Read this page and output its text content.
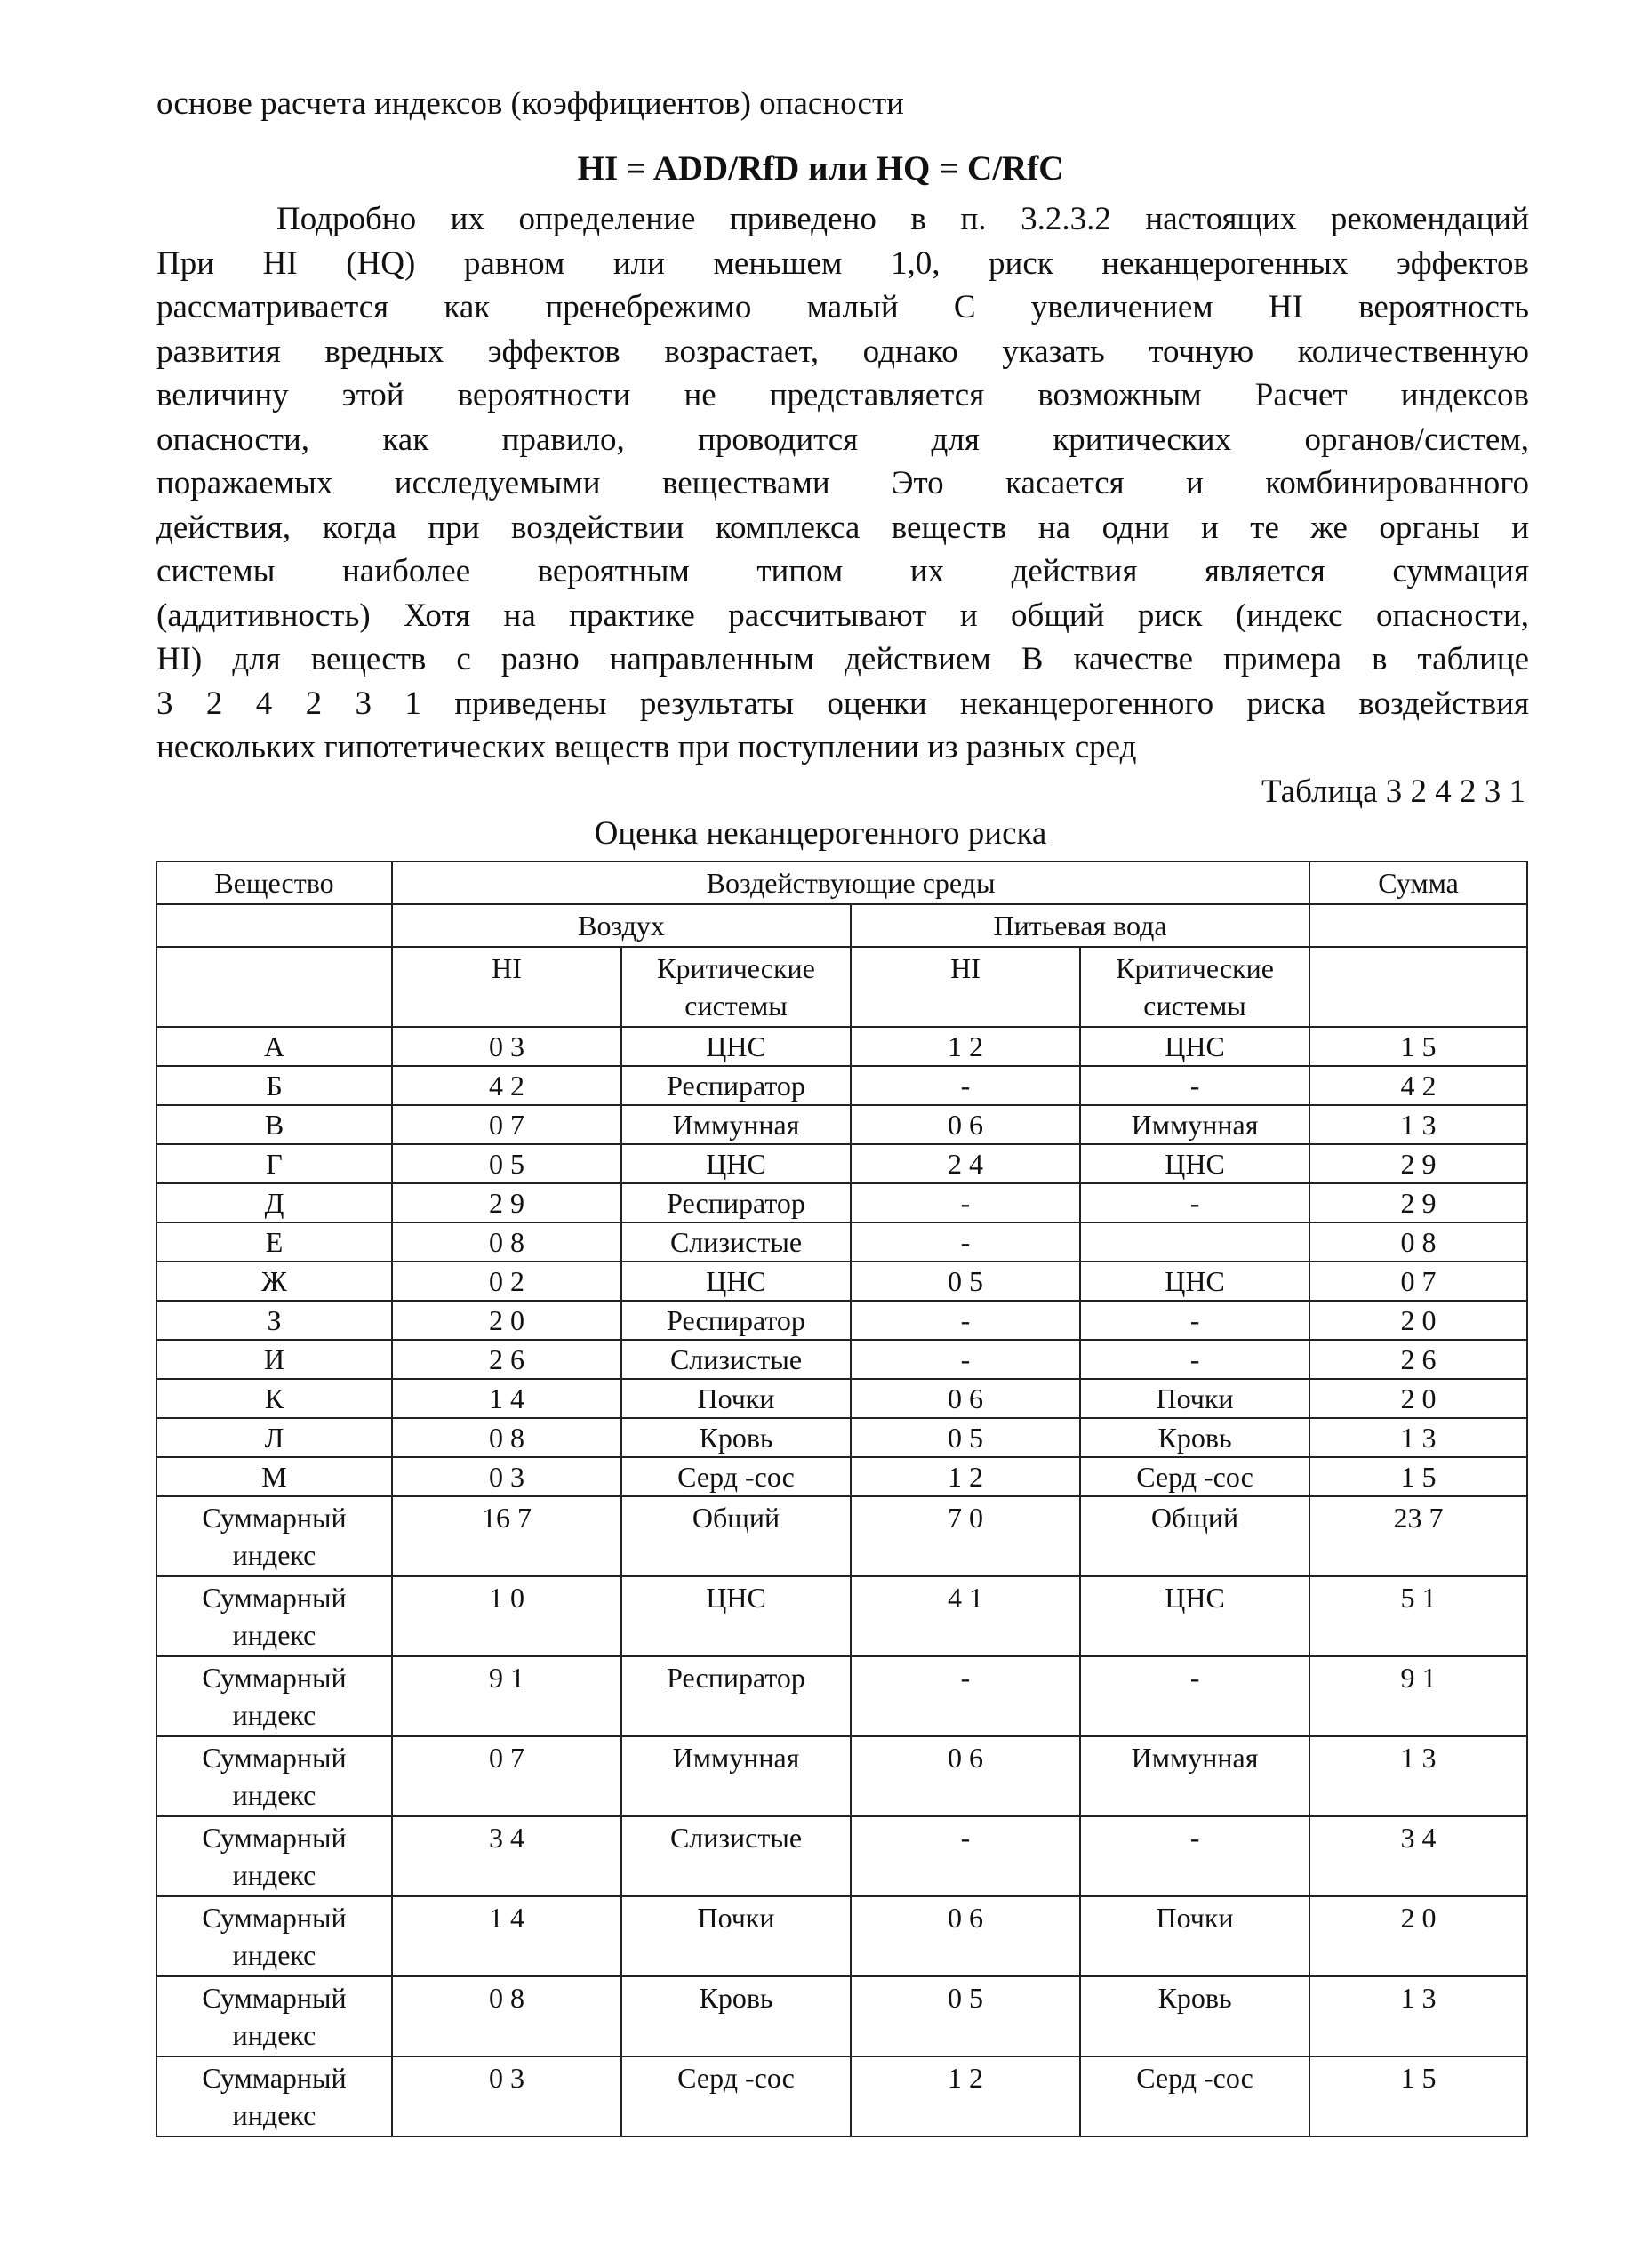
основе расчета индексов (коэффициентов) опасности
HI = ADD/RfD или HQ = C/RfC
Подробно их определение приведено в п. 3.2.3.2 настоящих рекомендаций
При HI (HQ) равном или меньшем 1,0, риск неканцерогенных эффектов
рассматривается как пренебрежимо малый С увеличением HI вероятность
развития вредных эффектов возрастает, однако указать точную количественную
величину этой вероятности не представляется возможным Расчет индексов
опасности, как правило, проводится для критических органов/систем,
поражаемых исследуемыми веществами Это касается и комбинированного
действия, когда при воздействии комплекса веществ на одни и те же органы и
системы наиболее вероятным типом их действия является суммация
(аддитивность) Хотя на практике рассчитывают и общий риск (индекс опасности,
HI) для веществ с разно направленным действием В качестве примера в таблице
3 2 4 2 3 1 приведены результаты оценки неканцерогенного риска воздействия
нескольких гипотетических веществ при поступлении из разных сред
Таблица 3 2 4 2 3 1
Оценка неканцерогенного риска
Вещество	Воздействующие среды				Сумма
	Воздух		Питьевая вода		
	HI	Критические системы	HI	Критические системы	
А	0 3	ЦНС	1 2	ЦНС	1 5
Б	4 2	Респиратор	-	-	4 2
В	0 7	Иммунная	0 6	Иммунная	1 3
Г	0 5	ЦНС	2 4	ЦНС	2 9
Д	2 9	Респиратор	-	-	2 9
Е	0 8	Слизистые	-		0 8
Ж	0 2	ЦНС	0 5	ЦНС	0 7
З	2 0	Респиратор	-	-	2 0
И	2 6	Слизистые	-	-	2 6
К	1 4	Почки	0 6	Почки	2 0
Л	0 8	Кровь	0 5	Кровь	1 3
М	0 3	Серд -сос	1 2	Серд -сос	1 5
Суммарный индекс	16 7	Общий	7 0	Общий	23 7
Суммарный индекс	1 0	ЦНС	4 1	ЦНС	5 1
Суммарный индекс	9 1	Респиратор	-	-	9 1
Суммарный индекс	0 7	Иммунная	0 6	Иммунная	1 3
Суммарный индекс	3 4	Слизистые	-	-	3 4
Суммарный индекс	1 4	Почки	0 6	Почки	2 0
Суммарный индекс	0 8	Кровь	0 5	Кровь	1 3
Суммарный индекс	0 3	Серд -сос	1 2	Серд -сос	1 5
